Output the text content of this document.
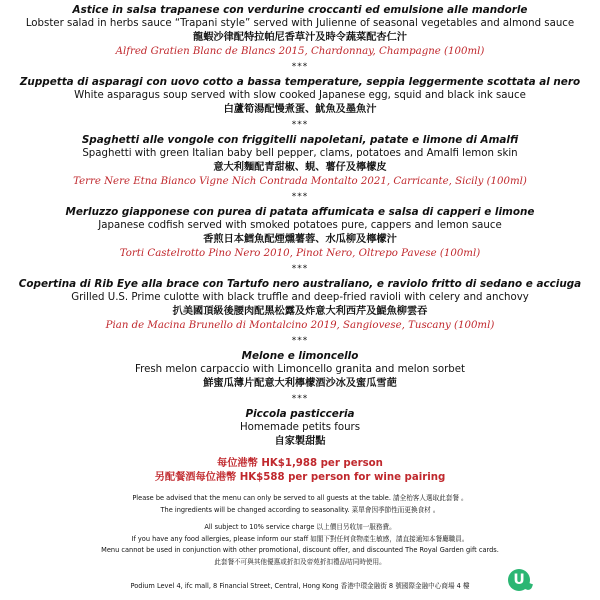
Astice in salsa trapanese con verdurine croccanti ed emulsione alle mandorle
Lobster salad in herbs sauce “Trapani style” served with Julienne of seasonal vegetables and almond sauce
龍蝦沙律配特拉帕尼香草汁及時令蔬菜配杏仁汁
Alfred Gratien Blanc de Blancs 2015, Chardonnay, Champagne (100ml)
***
Zuppetta di asparagi con uovo cotto a bassa temperature, seppia leggermente scottata al nero
White asparagus soup served with slow cooked Japanese egg, squid and black ink sauce
白蘆筍湯配慢煮蛋、魷魚及墨魚汁
***
Spaghetti alle vongole con friggitelli napoletani, patate e limone di Amalfi
Spaghetti with green Italian baby bell pepper, clams, potatoes and Amalfi lemon skin
意大利麵配青甜椒、蜆、薯仔及檸檬皮
Terre Nere Etna Bianco Vigne Nich Contrada Montalto 2021, Carricante, Sicily (100ml)
***
Merluzzo giapponese con purea di patata affumicata e salsa di capperi e limone
Japanese codfish served with smoked potatoes pure, cappers and lemon sauce
香煎日本鱈魚配煙燻薯蓉、水瓜柳及檸檬汁
Torti Castelrotto Pino Nero 2010, Pinot Nero, Oltrepo Pavese (100ml)
***
Copertina di Rib Eye alla brace con Tartufo nero australiano, e raviolo fritto di sedano e acciuga
Grilled U.S. Prime culotte with black truffle and deep-fried ravioli with celery and anchovy
扒美國頂級後腰肉配黑松露及炸意大利西芹及鯷魚柳雲吞
Pian de Macina Brunello di Montalcino 2019, Sangiovese, Tuscany (100ml)
***
Melone e limoncello
Fresh melon carpaccio with Limoncello granita and melon sorbet
鮮蜜瓜薄片配意大利檸檬酒沙冰及蜜瓜雪葩
***
Piccola pasticceria
Homemade petits fours
自家製甜點
每位港幣 HK$1,988 per person
另配餐酒每位港幣 HK$588 per person for wine pairing
Please be advised that the menu can only be served to all guests at the table. 請全枱客人選取此套餐 。
The ingredients will be changed according to seasonality. 菜單會因季節性而更換食材 。
All subject to 10% service charge 以上價目另收加一服務費。
If you have any food allergies, please inform our staff 如閣下對任何食物產生敏感，請直接通知本餐廳職員。
Menu cannot be used in conjunction with other promotional, discount offer, and discounted The Royal Garden gift cards.
此套餐不可與其他優惠或折扣及帝苑折扣禮品咭同時使用。
Podium Level 4, ifc mall, 8 Financial Street, Central, Hong Kong 香港中環金融街 8 號國際金融中心商場 4 樓	U
